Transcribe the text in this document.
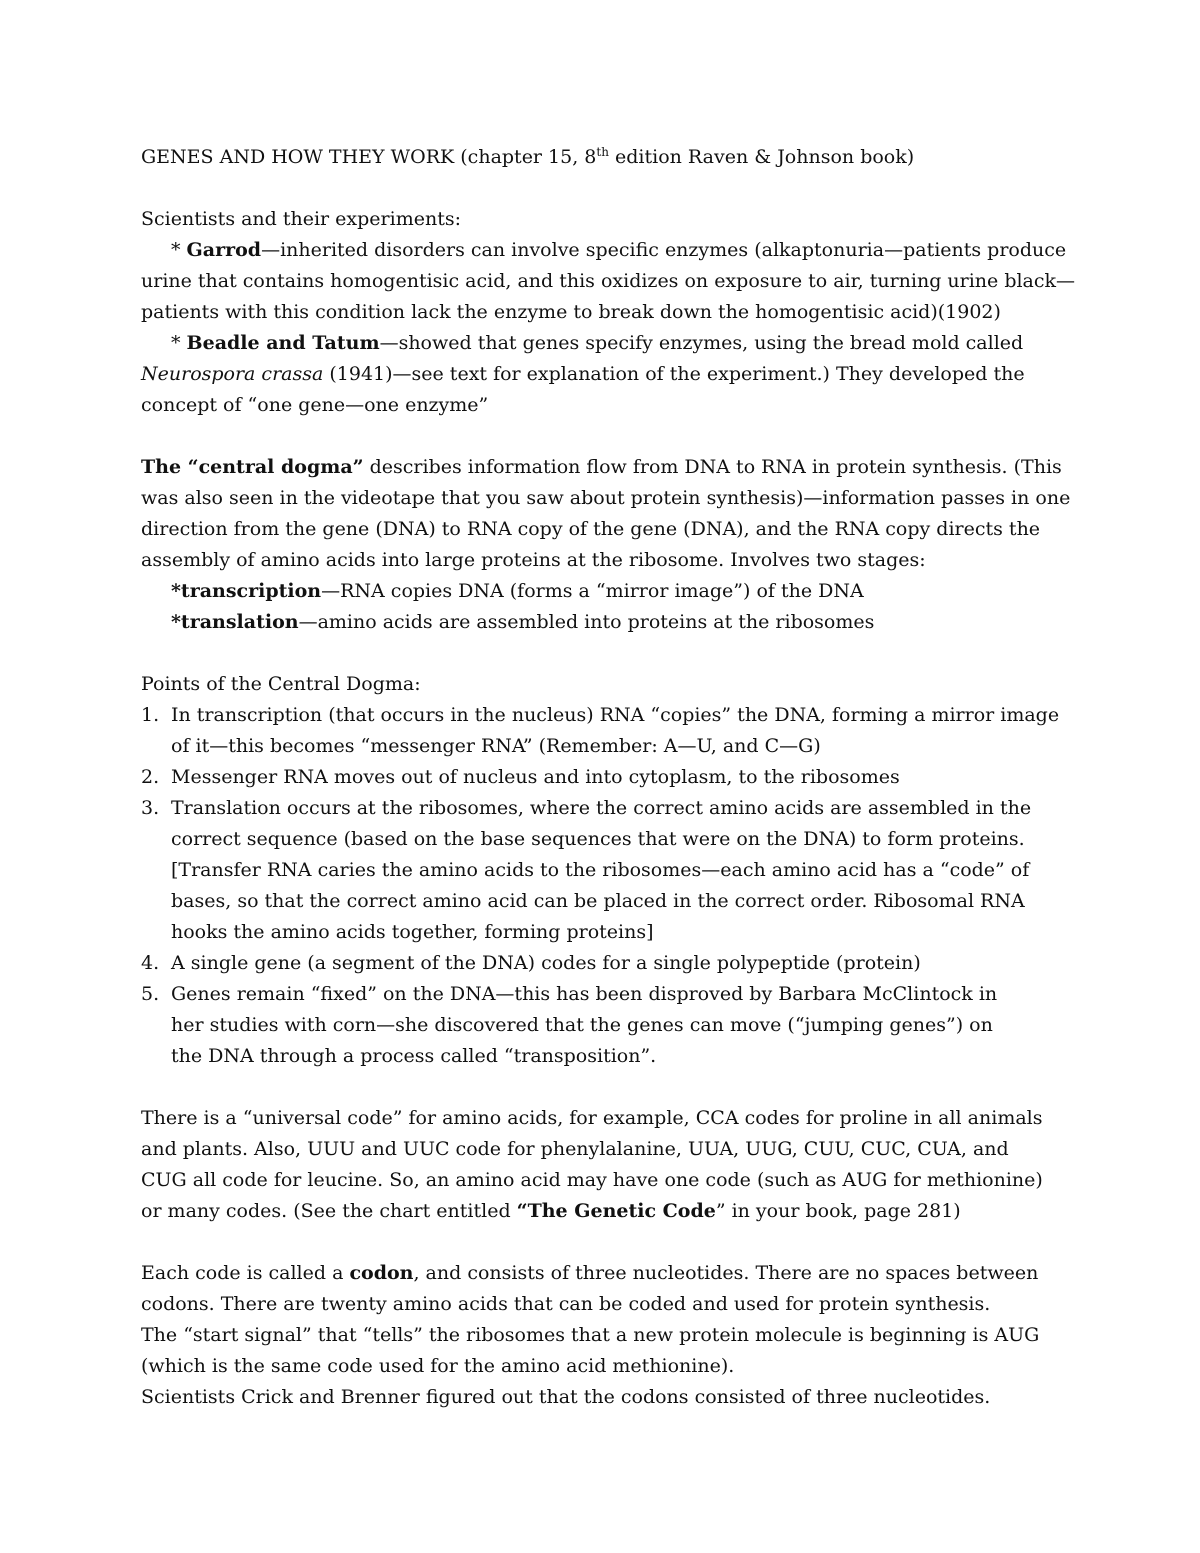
GENES AND HOW THEY WORK (chapter 15, 8th edition Raven & Johnson book)
Scientists and their experiments:
* Garrod—inherited disorders can involve specific enzymes (alkaptonuria—patients produce
urine that contains homogentisic acid, and this oxidizes on exposure to air, turning urine black—
patients with this condition lack the enzyme to break down the homogentisic acid)(1902)
* Beadle and Tatum—showed that genes specify enzymes, using the bread mold called
Neurospora crassa (1941)—see text for explanation of the experiment.) They developed the
concept of “one gene—one enzyme”
The “central dogma” describes information flow from DNA to RNA in protein synthesis. (This
was also seen in the videotape that you saw about protein synthesis)—information passes in one
direction from the gene (DNA) to RNA copy of the gene (DNA), and the RNA copy directs the
assembly of amino acids into large proteins at the ribosome. Involves two stages:
*transcription—RNA copies DNA (forms a “mirror image”) of the DNA
*translation—amino acids are assembled into proteins at the ribosomes
Points of the Central Dogma:
1. In transcription (that occurs in the nucleus) RNA “copies” the DNA, forming a mirror image
of it—this becomes “messenger RNA” (Remember: A—U, and C—G)
2. Messenger RNA moves out of nucleus and into cytoplasm, to the ribosomes
3. Translation occurs at the ribosomes, where the correct amino acids are assembled in the
correct sequence (based on the base sequences that were on the DNA) to form proteins.
[Transfer RNA caries the amino acids to the ribosomes—each amino acid has a “code” of
bases, so that the correct amino acid can be placed in the correct order. Ribosomal RNA
hooks the amino acids together, forming proteins]
4. A single gene (a segment of the DNA) codes for a single polypeptide (protein)
5. Genes remain “fixed” on the DNA—this has been disproved by Barbara McClintock in
her studies with corn—she discovered that the genes can move (“jumping genes”) on
the DNA through a process called “transposition”.
There is a “universal code” for amino acids, for example, CCA codes for proline in all animals
and plants. Also, UUU and UUC code for phenylalanine, UUA, UUG, CUU, CUC, CUA, and
CUG all code for leucine. So, an amino acid may have one code (such as AUG for methionine)
or many codes. (See the chart entitled “The Genetic Code” in your book, page 281)
Each code is called a codon, and consists of three nucleotides. There are no spaces between
codons. There are twenty amino acids that can be coded and used for protein synthesis.
The “start signal” that “tells” the ribosomes that a new protein molecule is beginning is AUG
(which is the same code used for the amino acid methionine).
Scientists Crick and Brenner figured out that the codons consisted of three nucleotides.
